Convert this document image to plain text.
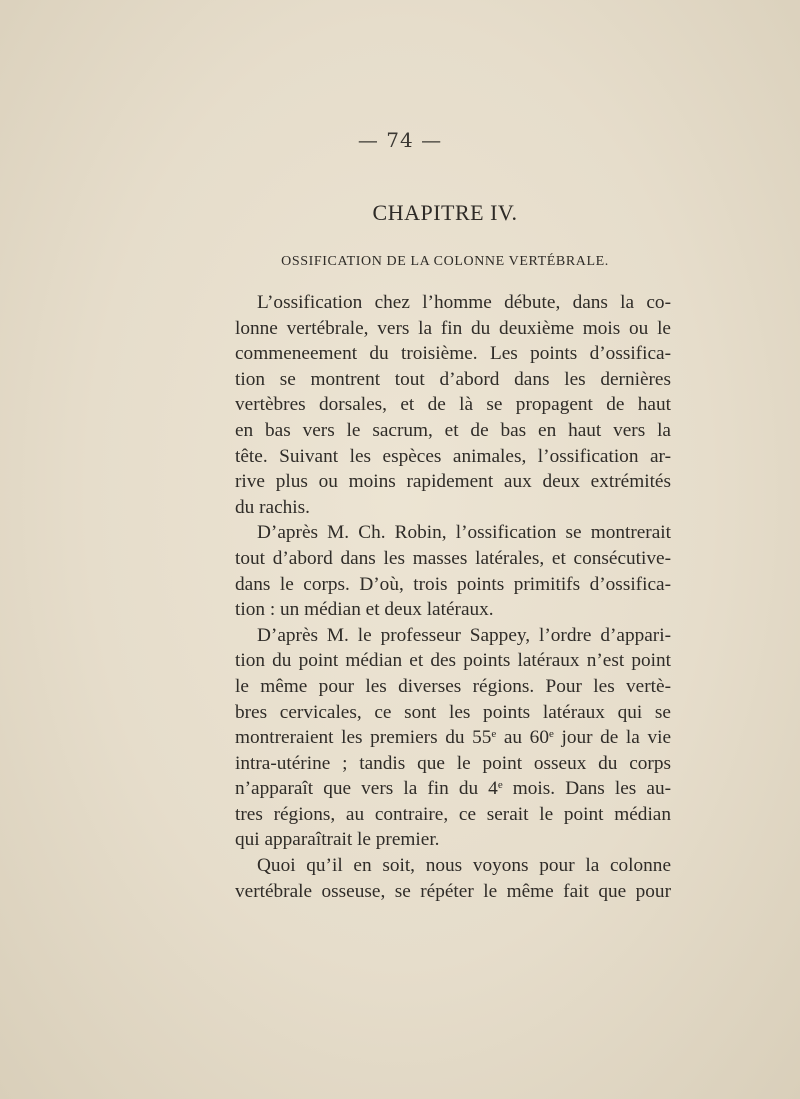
— 74 —
CHAPITRE IV.
OSSIFICATION DE LA COLONNE VERTÉBRALE.
L’ossification chez l’homme débute, dans la co-
lonne vertébrale, vers la fin du deuxième mois ou le
commeneement du troisième. Les points d’ossifica-
tion se montrent tout d’abord dans les dernières
vertèbres dorsales, et de là se propagent de haut
en bas vers le sacrum, et de bas en haut vers la
tête. Suivant les espèces animales, l’ossification ar-
rive plus ou moins rapidement aux deux extrémités
du rachis.
D’après M. Ch. Robin, l’ossification se montrerait
tout d’abord dans les masses latérales, et consécutive-
dans le corps. D’où, trois points primitifs d’ossifica-
tion : un médian et deux latéraux.
D’après M. le professeur Sappey, l’ordre d’appari-
tion du point médian et des points latéraux n’est point
le même pour les diverses régions. Pour les vertè-
bres cervicales, ce sont les points latéraux qui se
montreraient les premiers du 55e au 60e jour de la vie
intra-utérine ; tandis que le point osseux du corps
n’apparaît que vers la fin du 4e mois. Dans les au-
tres régions, au contraire, ce serait le point médian
qui apparaîtrait le premier.
Quoi qu’il en soit, nous voyons pour la colonne
vertébrale osseuse, se répéter le même fait que pour
